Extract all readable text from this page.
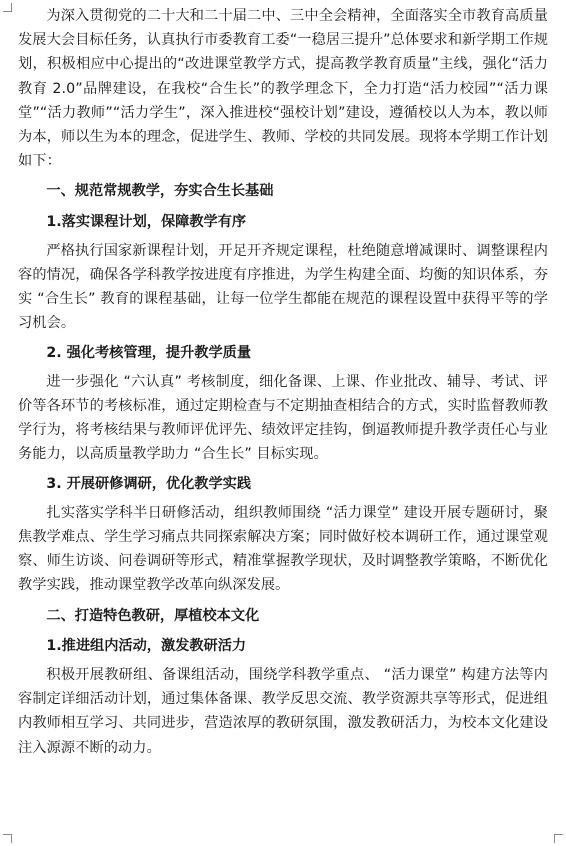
为深入贯彻党的二十大和二十届二中、三中全会精神，全面落实全市教育高质量发展大会目标任务，认真执行市委教育工委“一稳居三提升”总体要求和新学期工作规划，积极相应中心提出的“改进课堂教学方式，提高教学教育质量”主线，强化“活力教育 2.0”品牌建设，在我校“合生长”的教学理念下，全力打造“活力校园”“活力课堂”“活力教师”“活力学生”，深入推进校“强校计划”建设，遵循校以人为本，教以师为本，师以生为本的理念，促进学生、教师、学校的共同发展。现将本学期工作计划如下：

一、规范常规教学，夯实合生长基础

1.落实课程计划，保障教学有序

严格执行国家新课程计划，开足开齐规定课程，杜绝随意增减课时、调整课程内容的情况，确保各学科教学按进度有序推进，为学生构建全面、均衡的知识体系，夯实 “合生长” 教育的课程基础，让每一位学生都能在规范的课程设置中获得平等的学习机会。

2. 强化考核管理，提升教学质量

进一步强化 “六认真” 考核制度，细化备课、上课、作业批改、辅导、考试、评价等各环节的考核标准，通过定期检查与不定期抽查相结合的方式，实时监督教师教学行为，将考核结果与教师评优评先、绩效评定挂钩，倒逼教师提升教学责任心与业务能力，以高质量教学助力 “合生长” 目标实现。

3. 开展研修调研，优化教学实践

扎实落实学科半日研修活动，组织教师围绕 “活力课堂” 建设开展专题研讨，聚焦教学难点、学生学习痛点共同探索解决方案；同时做好校本调研工作，通过课堂观察、师生访谈、问卷调研等形式，精准掌握教学现状，及时调整教学策略，不断优化教学实践，推动课堂教学改革向纵深发展。

二、打造特色教研，厚植校本文化

1.推进组内活动，激发教研活力

积极开展教研组、备课组活动，围绕学科教学重点、 “活力课堂” 构建方法等内容制定详细活动计划，通过集体备课、教学反思交流、教学资源共享等形式，促进组内教师相互学习、共同进步，营造浓厚的教研氛围，激发教研活力，为校本文化建设注入源源不断的动力。
